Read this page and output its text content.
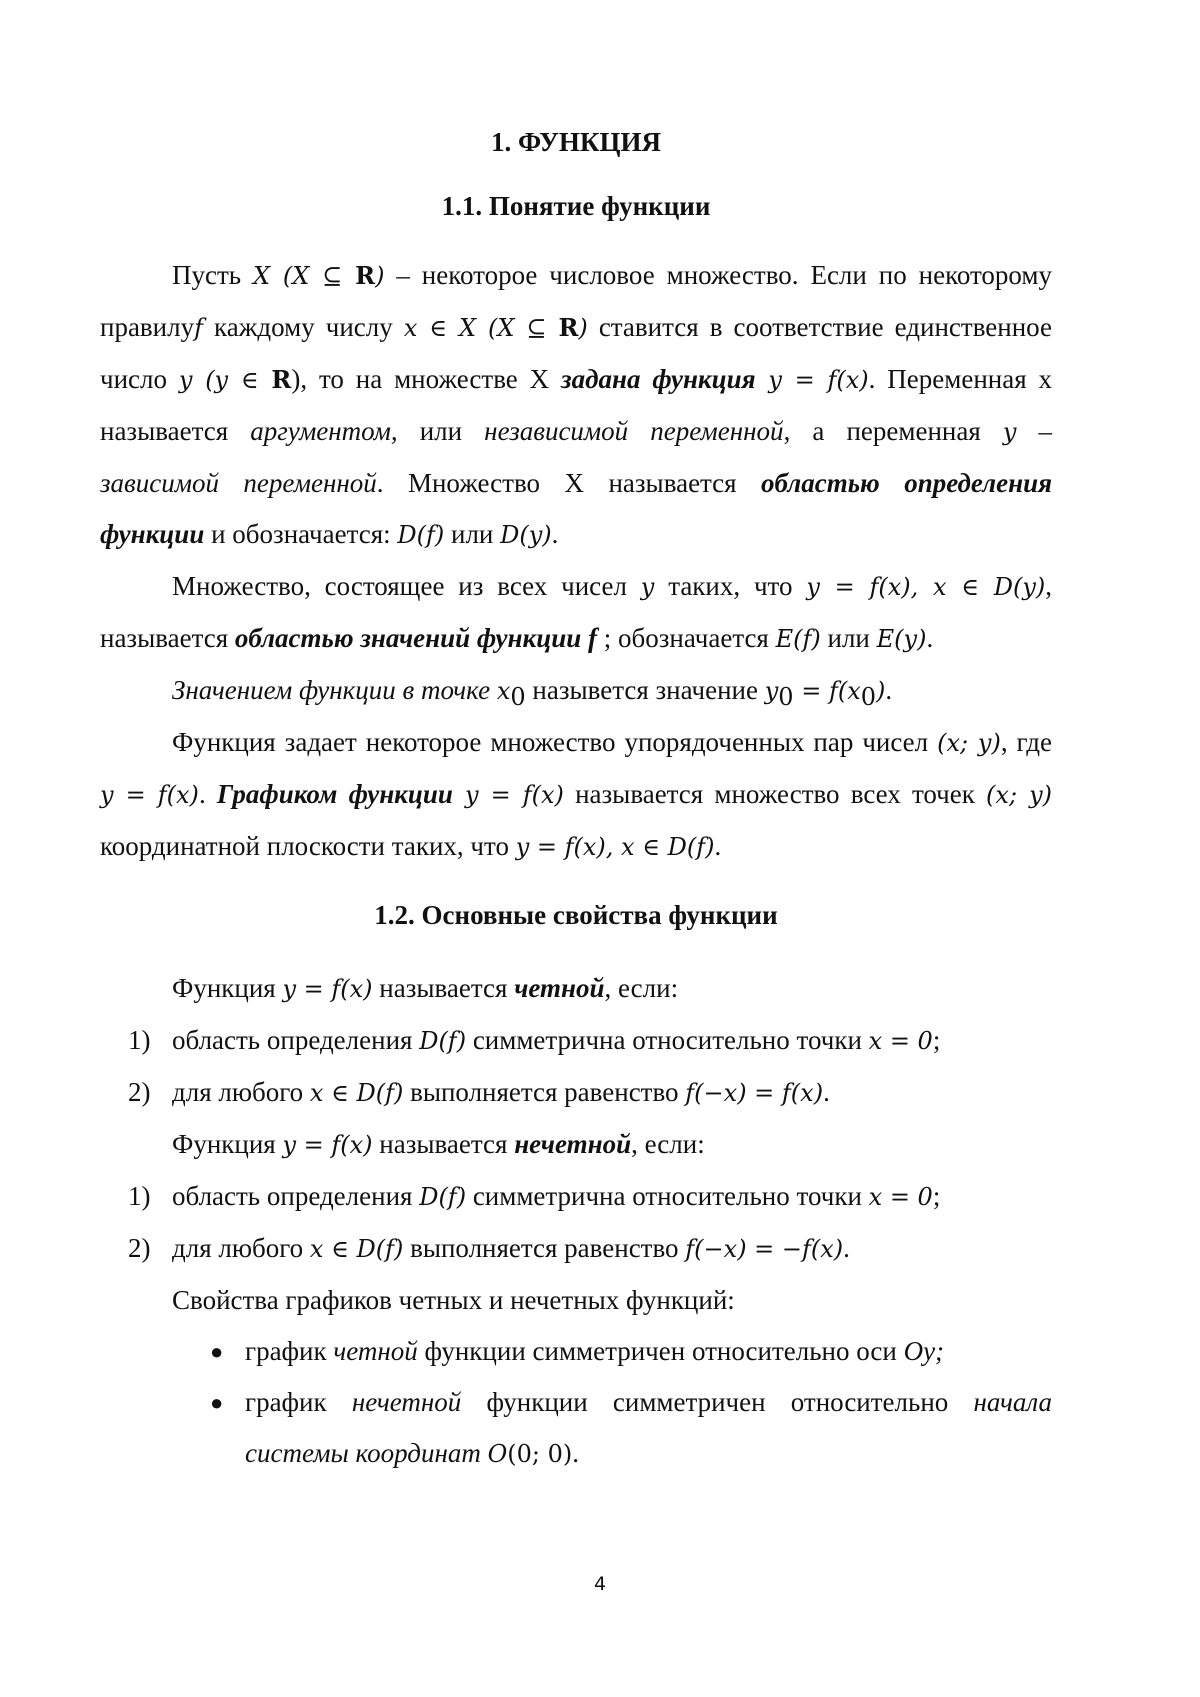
1. ФУНКЦИЯ
1.1. Понятие функции

Пусть X (X ⊆ R) – некоторое числовое множество. Если по некоторому правилуf каждому числу x ∈ X (X ⊆ R) ставится в соответствие единственное число y (y ∈ R), то на множестве X задана функция y = f(x). Переменная x называется аргументом, или независимой переменной, а переменная y – зависимой переменной. Множество X называется областью определения функции и обозначается: D(f) или D(y).

Множество, состоящее из всех чисел y таких, что y = f(x), x ∈ D(y), называется областью значений функции f ; обозначается E(f) или E(y).

Значением функции в точке $x_0$ назывется значение $y_0 = f(x_0)$.

Функция задает некоторое множество упорядоченных пар чисел (x; y), где y = f(x). Графиком функции y = f(x) называется множество всех точек (x; y) координатной плоскости таких, что y = f(x), x ∈ D(f).

1.2. Основные свойства функции

Функция y = f(x) называется четной, если:

1) область определения D(f) симметрична относительно точки x = 0;
2) для любого x ∈ D(f) выполняется равенство f(−x) = f(x).

Функция y = f(x) называется нечетной, если:

1) область определения D(f) симметрична относительно точки x = 0;
2) для любого x ∈ D(f) выполняется равенство f(−x) = −f(x).

Свойства графиков четных и нечетных функций:

● график четной функции симметричен относительно оси Oy;
● график нечетной функции симметричен относительно начала системы координат O(0; 0).
4
